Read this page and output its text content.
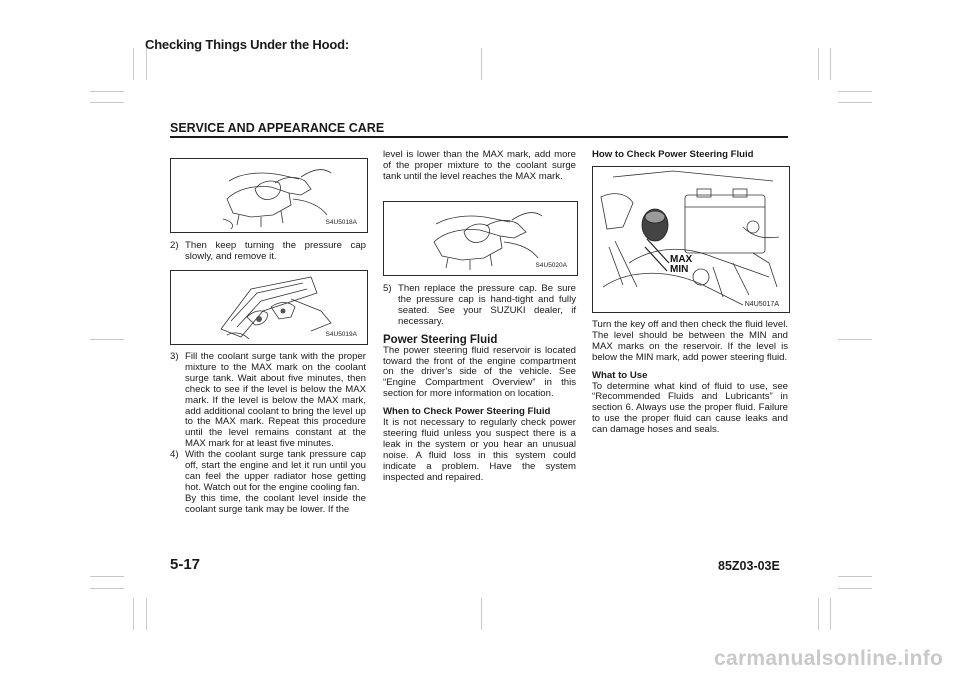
Checking Things Under the Hood:
SERVICE AND APPEARANCE CARE
S4U5018A
2) Then keep turning the pressure cap slowly, and remove it.
S4U5019A
3) Fill the coolant surge tank with the proper mixture to the MAX mark on the coolant surge tank. Wait about five minutes, then check to see if the level is below the MAX mark. If the level is below the MAX mark, add additional coolant to bring the level up to the MAX mark. Repeat this procedure until the level remains constant at the MAX mark for at least five minutes.
4) With the coolant surge tank pressure cap off, start the engine and let it run until you can feel the upper radiator hose getting hot. Watch out for the engine cooling fan.
By this time, the coolant level inside the coolant surge tank may be lower. If the

level is lower than the MAX mark, add more of the proper mixture to the coolant surge tank until the level reaches the MAX mark.

S4U5020A
5) Then replace the pressure cap. Be sure the pressure cap is hand-tight and fully seated. See your SUZUKI dealer, if necessary.
Power Steering Fluid

The power steering fluid reservoir is located toward the front of the engine compartment on the driver’s side of the vehicle. See “Engine Compartment Overview” in this section for more information on location.

When to Check Power Steering Fluid

It is not necessary to regularly check power steering fluid unless you suspect there is a leak in the system or you hear an unusual noise. A fluid loss in this system could indicate a problem. Have the system inspected and repaired.

How to Check Power Steering Fluid

MAX
MIN
N4U5017A

Turn the key off and then check the fluid level. The level should be between the MIN and MAX marks on the reservoir. If the level is below the MIN mark, add power steering fluid.

What to Use

To determine what kind of fluid to use, see “Recommended Fluids and Lubricants” in section 6. Always use the proper fluid. Failure to use the proper fluid can cause leaks and can damage hoses and seals.

5-17	85Z03-03E
carmanualsonline.info
